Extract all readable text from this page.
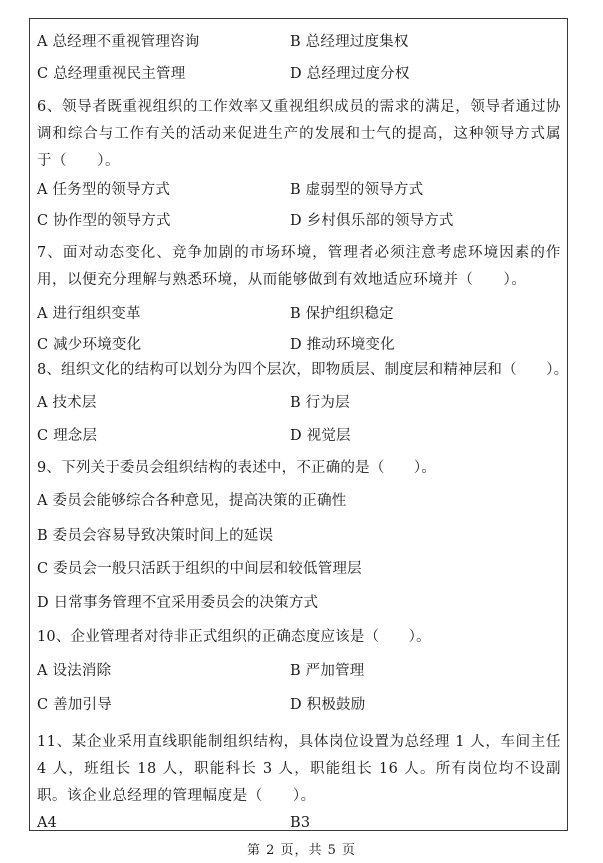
A 总经理不重视管理咨询	B 总经理过度集权
C 总经理重视民主管理	D 总经理过度分权
6、领导者既重视组织的工作效率又重视组织成员的需求的满足，领导者通过协调和综合与工作有关的活动来促进生产的发展和士气的提高，这种领导方式属于（　　）。
A 任务型的领导方式	B 虚弱型的领导方式
C 协作型的领导方式	D 乡村俱乐部的领导方式
7、面对动态变化、竞争加剧的市场环境，管理者必须注意考虑环境因素的作用，以便充分理解与熟悉环境，从而能够做到有效地适应环境并（　　）。
A 进行组织变革	B 保护组织稳定
C 减少环境变化	D 推动环境变化
8、组织文化的结构可以划分为四个层次，即物质层、制度层和精神层和（　　）。
A 技术层	B 行为层
C 理念层	D 视觉层
9、下列关于委员会组织结构的表述中，不正确的是（　　）。
A 委员会能够综合各种意见，提高决策的正确性
B 委员会容易导致决策时间上的延误
C 委员会一般只活跃于组织的中间层和较低管理层
D 日常事务管理不宜采用委员会的决策方式
10、企业管理者对待非正式组织的正确态度应该是（　　）。
A 设法消除	B 严加管理
C 善加引导	D 积极鼓励
11、某企业采用直线职能制组织结构，具体岗位设置为总经理 1 人，车间主任 4 人，班组长 18 人，职能科长 3 人，职能组长 16 人。所有岗位均不设副职。该企业总经理的管理幅度是（　　）。
A4	B3
第 2 页，共 5 页
